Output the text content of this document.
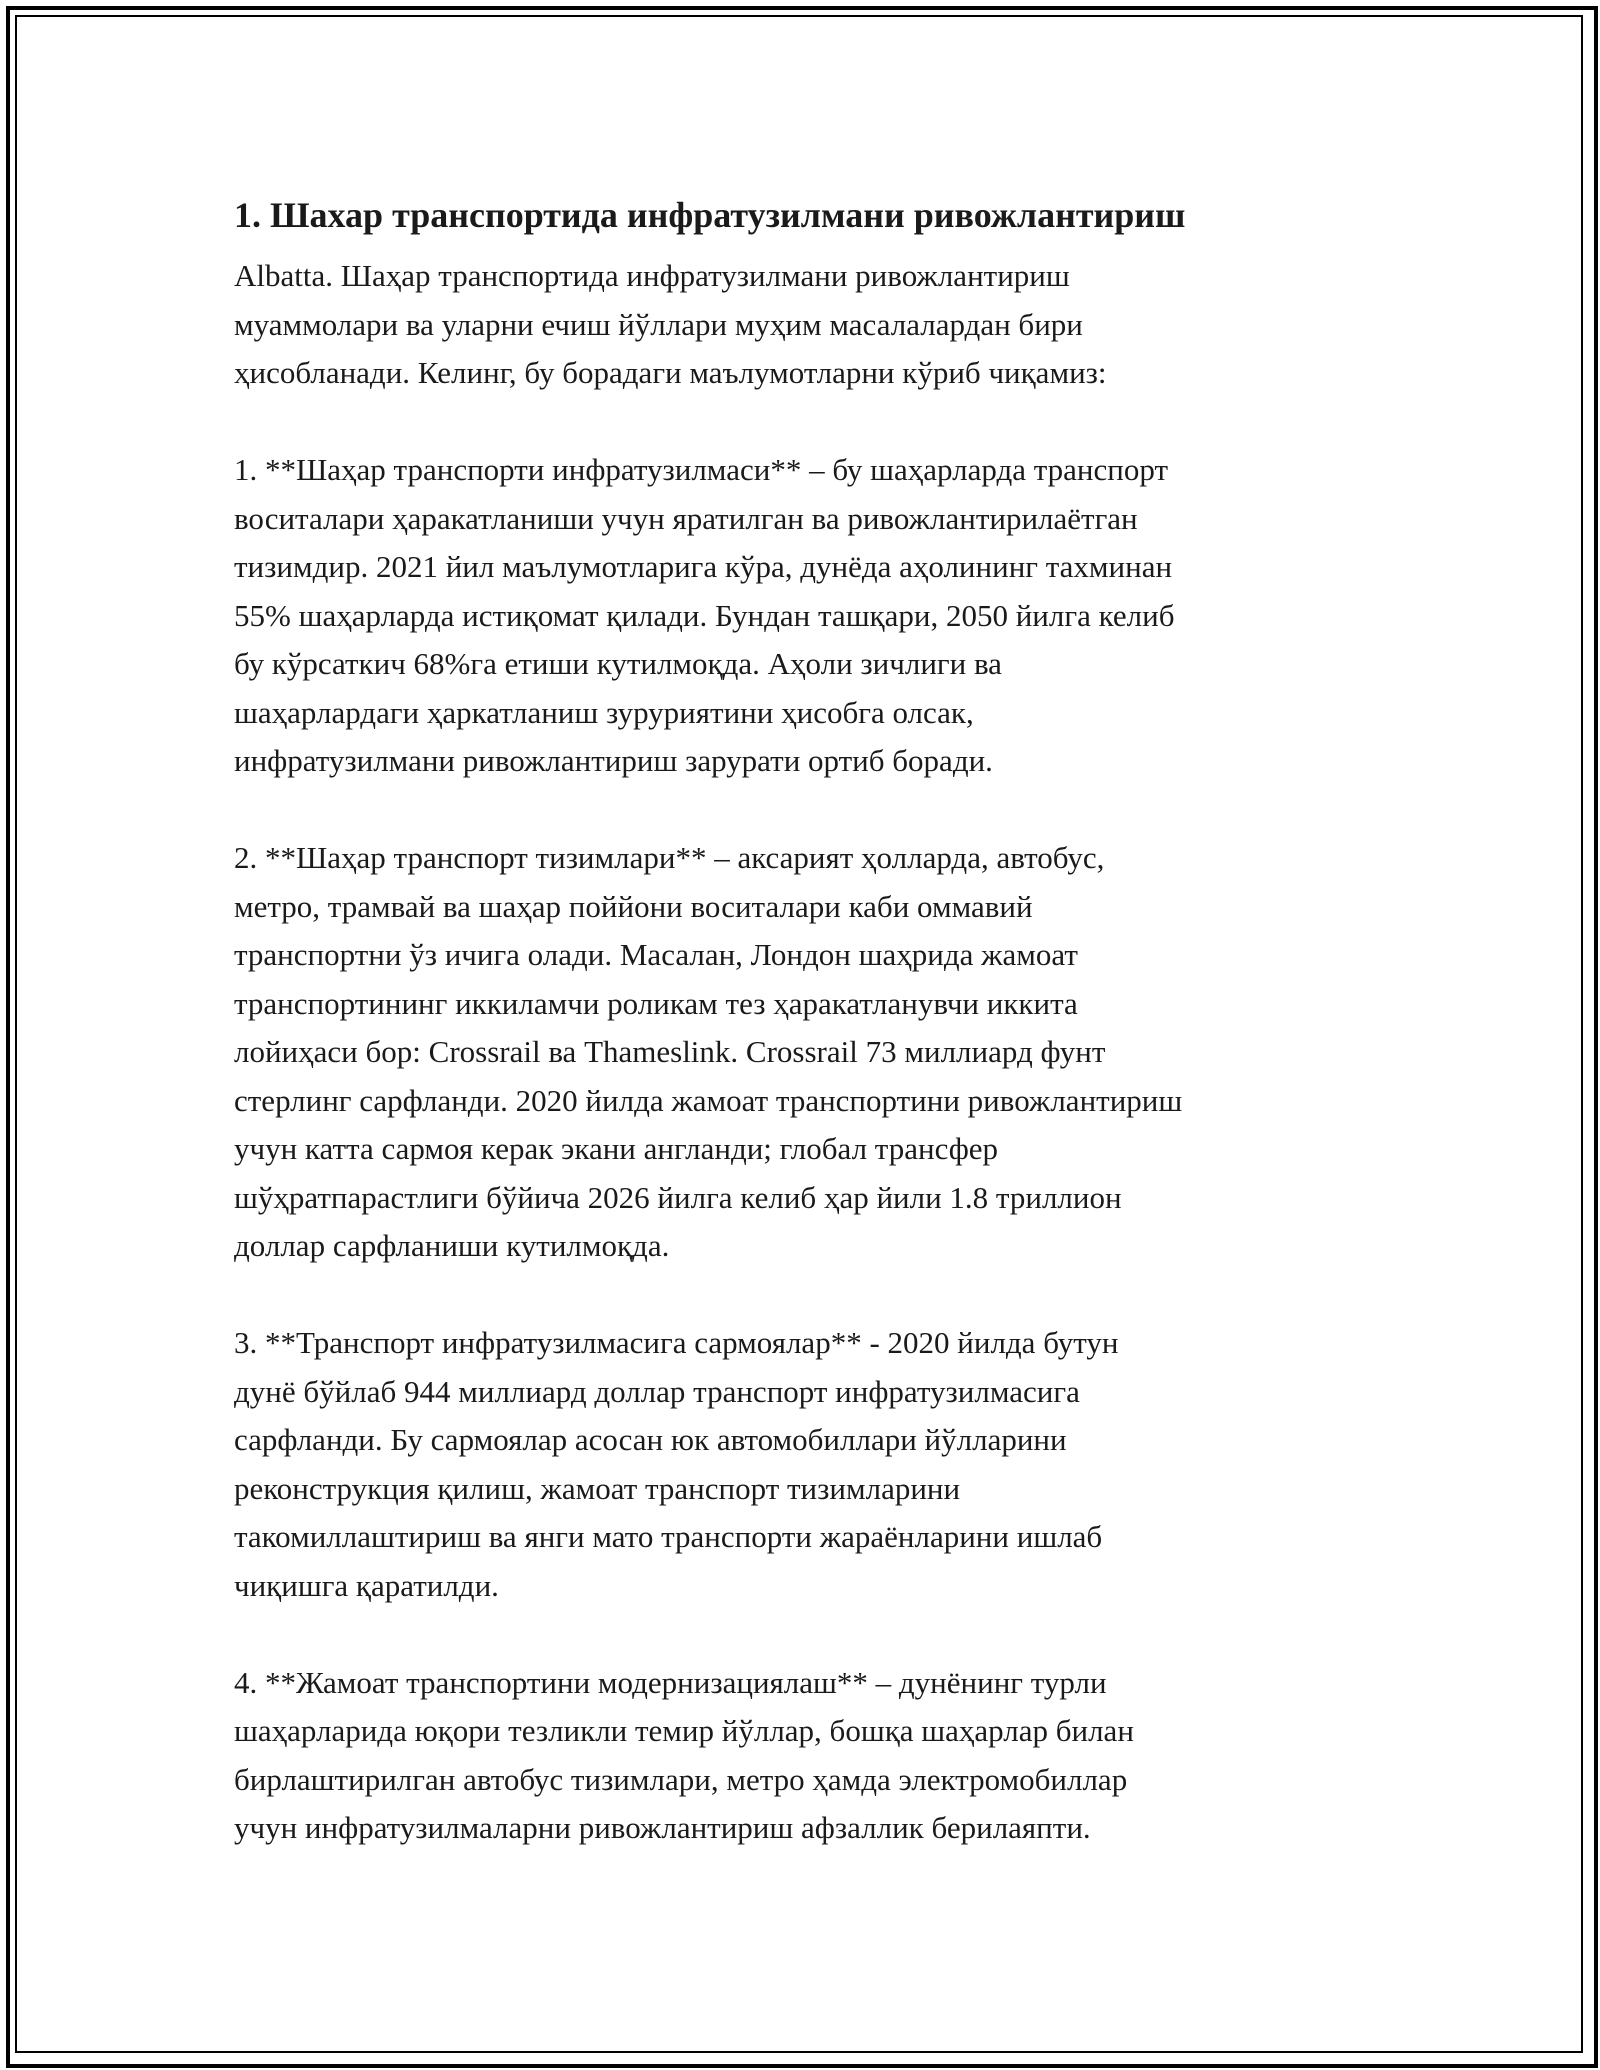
1. Шахар транспортида инфратузилмани ривожлантириш
Albatta. Шаҳар транспортида инфратузилмани ривожлантириш
муаммолари ва уларни ечиш йўллари муҳим масалалардан бири
ҳисобланади. Келинг, бу борадаги маълумотларни кўриб чиқамиз:
1. **Шаҳар транспорти инфратузилмаси** – бу шаҳарларда транспорт
воситалари ҳаракатланиши учун яратилган ва ривожлантирилаётган
тизимдир. 2021 йил маълумотларига кўра, дунёда аҳолининг тахминан
55% шаҳарларда истиқомат қилади. Бундан ташқари, 2050 йилга келиб
бу кўрсаткич 68%га етиши кутилмоқда. Аҳоли зичлиги ва
шаҳарлардаги ҳаркатланиш зуруриятини ҳисобга олсак,
инфратузилмани ривожлантириш зарурати ортиб боради.
2. **Шаҳар транспорт тизимлари** – аксарият ҳолларда, автобус,
метро, трамвай ва шаҳар поййони воситалари каби оммавий
транспортни ўз ичига олади. Масалан, Лондон шаҳрида жамоат
транспортининг иккиламчи роликам тез ҳаракатланувчи иккита
лойиҳаси бор: Crossrail ва Thameslink. Crossrail 73 миллиард фунт
стерлинг сарфланди. 2020 йилда жамоат транспортини ривожлантириш
учун катта сармоя керак экани англанди; глобал трансфер
шўҳратпарастлиги бўйича 2026 йилга келиб ҳар йили 1.8 триллион
доллар сарфланиши кутилмоқда.
3. **Транспорт инфратузилмасига сармоялар** - 2020 йилда бутун
дунё бўйлаб 944 миллиард доллар транспорт инфратузилмасига
сарфланди. Бу сармоялар асосан юк автомобиллари йўлларини
реконструкция қилиш, жамоат транспорт тизимларини
такомиллаштириш ва янги мато транспорти жараёнларини ишлаб
чиқишга қаратилди.
4. **Жамоат транспортини модернизациялаш** – дунёнинг турли
шаҳарларида юқори тезликли темир йўллар, бошқа шаҳарлар билан
бирлаштирилган автобус тизимлари, метро ҳамда электромобиллар
учун инфратузилмаларни ривожлантириш афзаллик берилаяпти.
